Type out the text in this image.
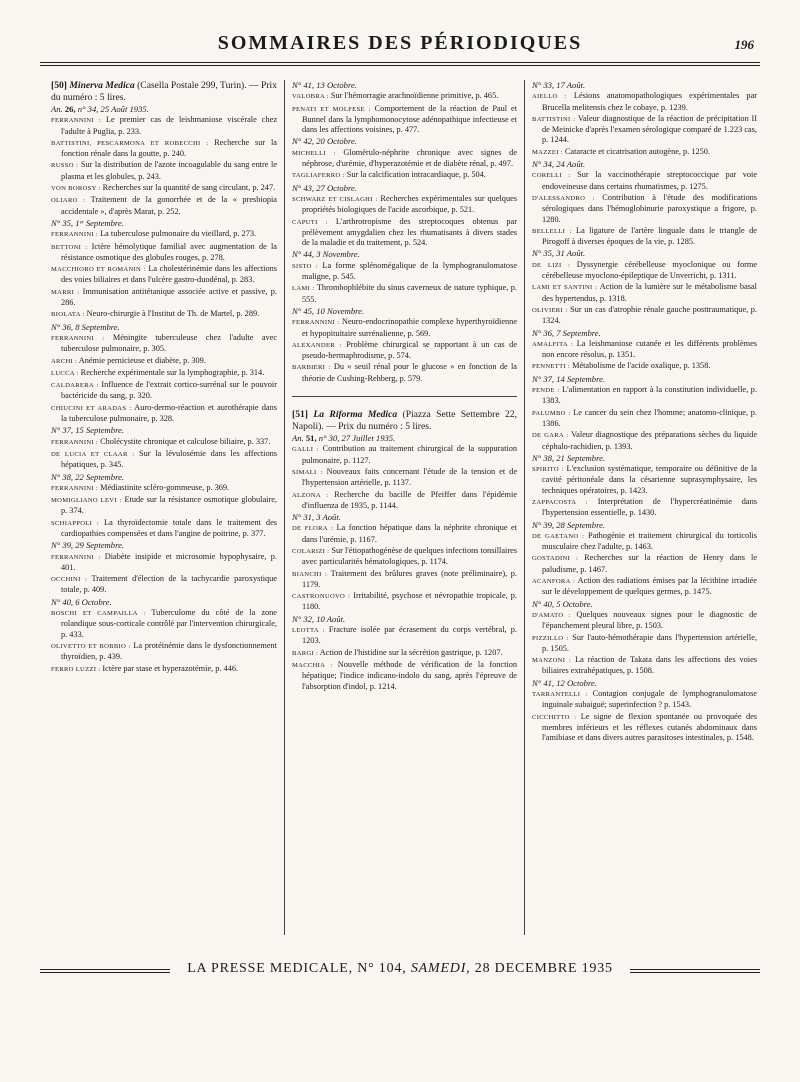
SOMMAIRES DES PÉRIODIQUES	196

[50] Minerva Medica (Casella Postale 299, Turin). — Prix du numéro : 5 lires.

An. 26, n° 34, 25 Août 1935.

FERRANNINI : Le premier cas de leishmaniose viscérale chez l'adulte à Puglia, p. 233.

BATTISTINI, PESCARMONA ET ROBECCHI : Recherche sur la fonction rénale dans la goutte, p. 240.

RUSSO : Sur la distribution de l'azote incoagulable du sang entre le plasma et les globules, p. 243.

VON BOROSY : Recherches sur la quantité de sang circulant, p. 247.

OLIARO : Traitement de la gonorrhée et de la « presbiopia accidentale », d'après Marat, p. 252.

N° 35, 1ᵉʳ Septembre.

FERRANNINI : La tuberculose pulmonaire du vieillard, p. 273.

BETTONI : Ictère hémolytique familial avec augmentation de la résistance osmotique des globules rouges, p. 278.

MACCHIORO ET ROMANIN : La cholestérinémie dans les affections des voies biliaires et dans l'ulcère gastro-duodénal, p. 283.

MARRI : Immunisation antitétanique associée active et passive, p. 286.

BIOLATA : Neuro-chirurgie à l'Institut de Th. de Martel, p. 289.

N° 36, 8 Septembre.

FERRANNINI : Méningite tuberculeuse chez l'adulte avec tuberculose pulmonaire, p. 305.

ARCHI : Anémie pernicieuse et diabète, p. 309.

LUCCA : Recherche expérimentale sur la lymphographie, p. 314.

CALDARERA : Influence de l'extrait cortico-surrénal sur le pouvoir bactéricide du sang, p. 320.

CHIUCINI ET ARADAS : Auro-dermo-réaction et aurothérapie dans la tuberculose pulmonaire, p. 328.

N° 37, 15 Septembre.

FERRANNINI : Cholécystite chronique et calculose biliaire, p. 337.

DE LUCIA ET CLAAR : Sur la lévulosémie dans les affections hépatiques, p. 345.

N° 38, 22 Septembre.

FERRANNINI : Médiastinite scléro-gommeuse, p. 369.

MOMIGLIANO LEVI : Etude sur la résistance osmotique globulaire, p. 374.

SCHIAPPOLI : La thyroïdectomie totale dans le traitement des cardiopathies compensées et dans l'angine de poitrine, p. 377.

N° 39, 29 Septembre.

FERRANNINI : Diabète insipide et microsomie hypophysaire, p. 401.

OCCHINI : Traitement d'élection de la tachycardie paroxystique totale, p. 409.

N° 40, 6 Octobre.

BOSCHI ET CAMPAILLA : Tuberculome du côté de la zone rolandique sous-corticale contrôlé par l'intervention chirurgicale, p. 433.

OLIVETTO ET BOBBIO : La protéinémie dans le dysfonctionnement thyroïdien, p. 439.

FERRO LUZZI : Ictère par stase et hyperazotémie, p. 446.

N° 41, 13 Octobre.

VALOBRA : Sur l'hémorragie arachnoïdienne primitive, p. 465.

PENATI ET MOLFESE : Comportement de la réaction de Paul et Bunnel dans la lymphomonocytose adénopathique infectieuse et dans les affections voisines, p. 477.

N° 42, 20 Octobre.

MICHELLI : Glomérulo-néphrite chronique avec signes de néphrose, d'urémie, d'hyperazotémie et de diabète rénal, p. 497.

TAGLIAFERRO : Sur la calcification intracardiaque, p. 504.

N° 43, 27 Octobre.

SCHWARZ ET CISLAGHI : Recherches expérimentales sur quelques propriétés biologiques de l'acide ascorbique, p. 521.

CAPUTI : L'arthrotropisme des streptocoques obtenus par prélèvement amygdalien chez les rhumatisants à divers stades de la maladie et du traitement, p. 524.

N° 44, 3 Novembre.

SISTO : La forme splénomégalique de la lymphogranulomatose maligne, p. 545.

LAMI : Thrombophlébite du sinus caverneux de nature typhique, p. 555.

N° 45, 10 Novembre.

FERRANNINI : Neuro-endocrinopathie complexe hyperthyroïdienne et hypopituitaire surrénalienne, p. 569.

ALEXANDER : Problème chirurgical se rapportant à un cas de pseudo-hermaphrodisme, p. 574.

BARBIERI : Du « seuil rénal pour le glucose » en fonction de la théorie de Cushing-Rehberg, p. 579.

[51] La Riforma Medica (Piazza Sette Settembre 22, Napoli). — Prix du numéro : 5 lires.

An. 51, n° 30, 27 Juillet 1935.

GALLI : Contribution au traitement chirurgical de la suppuration pulmonaire, p. 1127.

SIMALI : Nouveaux faits concernant l'étude de la tension et de l'hypertension artérielle, p. 1137.

ALZONA : Recherche du bacille de Pfeiffer dans l'épidémie d'influenza de 1935, p. 1144.

N° 31, 3 Août.

DE FLORA : La fonction hépatique dans la néphrite chronique et dans l'urémie, p. 1167.

COLARIZI : Sur l'étiopathogénèse de quelques infections tonsillaires avec particularités hématologiques, p. 1174.

BIANCHI : Traitement des brûlures graves (note préliminaire), p. 1179.

CASTRONUOVO : Irritabilité, psychose et névropathie tropicale, p. 1180.

N° 32, 10 Août.

LEOTTA : Fracture isolée par écrasement du corps vertébral, p. 1203.

BARGI : Action de l'histidine sur la sécrétion gastrique, p. 1207.

MACCHIA : Nouvelle méthode de vérification de la fonction hépatique; l'indice indicano-indolo du sang, après l'épreuve de l'absorption d'indol, p. 1214.

N° 33, 17 Août.

AIELLO : Lésions anatomopathologiques expérimentales par Brucella melitensis chez le cobaye, p. 1239.

BATTISTINI : Valeur diagnostique de la réaction de précipitation II de Meinicke d'après l'examen sérologique comparé de 1.223 cas, p. 1244.

MAZZEI : Cataracte et cicatrisation autogène, p. 1250.

N° 34, 24 Août.

CORELLI : Sur la vaccinothérapie streptococcique par voie endoveineuse dans certains rhumatismes, p. 1275.

D'ALESSANDRO : Contribution à l'étude des modifications sérologiques dans l'hémoglobinurie paroxystique a frigore, p. 1280.

BELLELLI : La ligature de l'artère linguale dans le triangle de Pirogoff à diverses époques de la vie, p. 1285.

N° 35, 31 Août.

DE LIZI : Dyssynergie cérébelleuse myoclonique ou forme cérébelleuse myoclono-épileptique de Unverricht, p. 1311.

LAMI ET SANTINI : Action de la lumière sur le métabolisme basal des hypertendus, p. 1318.

OLIVIERI : Sur un cas d'atrophie rénale gauche posttraumatique, p. 1324.

N° 36, 7 Septembre.

AMALFITA : La leishmaniose cutanée et les différents problèmes non encore résolus, p. 1351.

PENNETTI : Métabolisme de l'acide oxalique, p. 1358.

N° 37, 14 Septembre.

PENDE : L'alimentation en rapport à la constitution individuelle, p. 1383.

PALUMBO : Le cancer du sein chez l'homme; anatomo-clinique, p. 1386.

DE GARA : Valeur diagnostique des préparations sèches du liquide céphalo-rachidien, p. 1393.

N° 38, 21 Septembre.

SPIRITO : L'exclusion systématique, temporaire ou définitive de la cavité péritonéale dans la césarienne suprasymphysaire, les techniques opératoires, p. 1423.

ZAPPACOSTA : Interprétation de l'hypercréatinémie dans l'hypertension essentielle, p. 1430.

N° 39, 28 Septembre.

DE GAETANO : Pathogénie et traitement chirurgical du torticolis musculaire chez l'adulte, p. 1463.

GOSTADINI : Recherches sur la réaction de Henry dans le paludisme, p. 1467.

ACANFORA : Action des radiations émises par la lécithine irradiée sur le développement de quelques germes, p. 1475.

N° 40, 5 Octobre.

D'AMATO : Quelques nouveaux signes pour le diagnostic de l'épanchement pleural libre, p. 1503.

PIZZILLO : Sur l'auto-hémothérapie dans l'hypertension artérielle, p. 1505.

MANZONI : La réaction de Takata dans les affections des voies biliaires extrahépatiques, p. 1508.

N° 41, 12 Octobre.

TARRANTELLI : Contagion conjugale de lymphogranulomatose inguinale subaiguë; superinfection ? p. 1543.

CICCHITTO : Le signe de flexion spontanée ou provoquée des membres inférieurs et les réflexes cutanés abdominaux dans l'amibiase et dans divers autres parasitoses intestinales, p. 1548.

LA PRESSE MEDICALE, N° 104, SAMEDI, 28 DECEMBRE 1935
